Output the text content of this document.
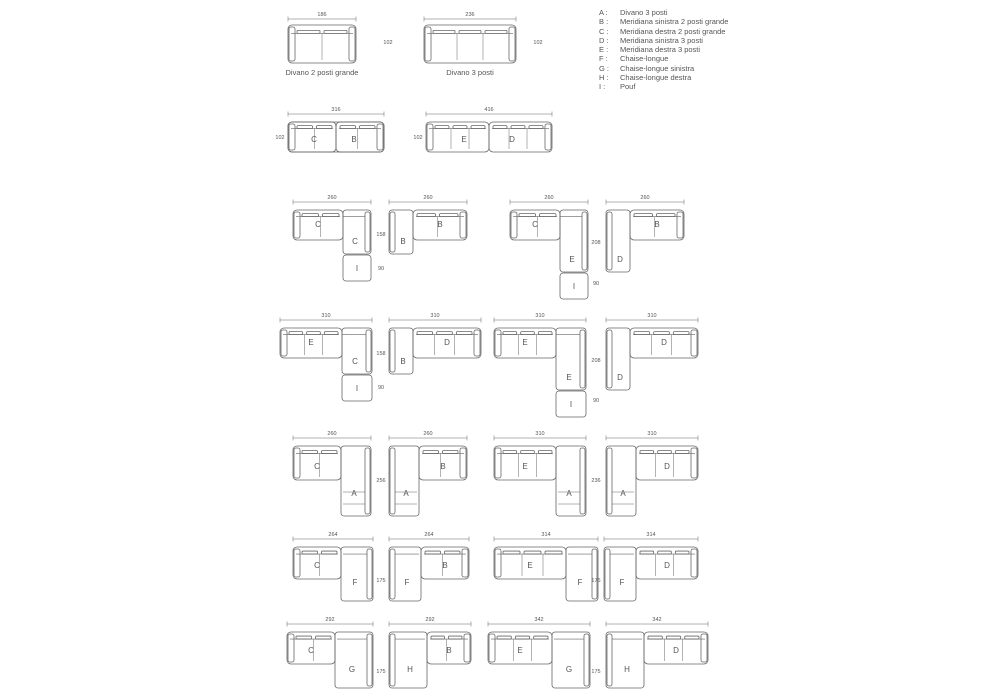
A :	Divano 3 posti
B :	Meridiana sinistra 2 posti grande
C :	Meridiana destra 2 posti grande
D :	Meridiana sinistra 3 posti
E :	Meridiana destra 3 posti
F :	Chaise-longue
G :	Chaise-longue sinistra
H :	Chaise-longue destra
I :	Pouf
186
102
Divano 2 posti grande
236
102
Divano 3 posti
316
102	C	B
416
102	E	D
260
C
C
I
158
90
260
B
B
260
C
E
I
208
90
260
D
B
310
E
C
I
158
90
310
B
D
310
E
E
I
208
90
310
D
D
260
C
A
256
260
A
B
310
E
A
236
310
A
D
264
C
F	175
264
F
B
314
E
F 175
314
F
D
292
C
G	175
292
H
B
342
E
G	175
342
H
D
